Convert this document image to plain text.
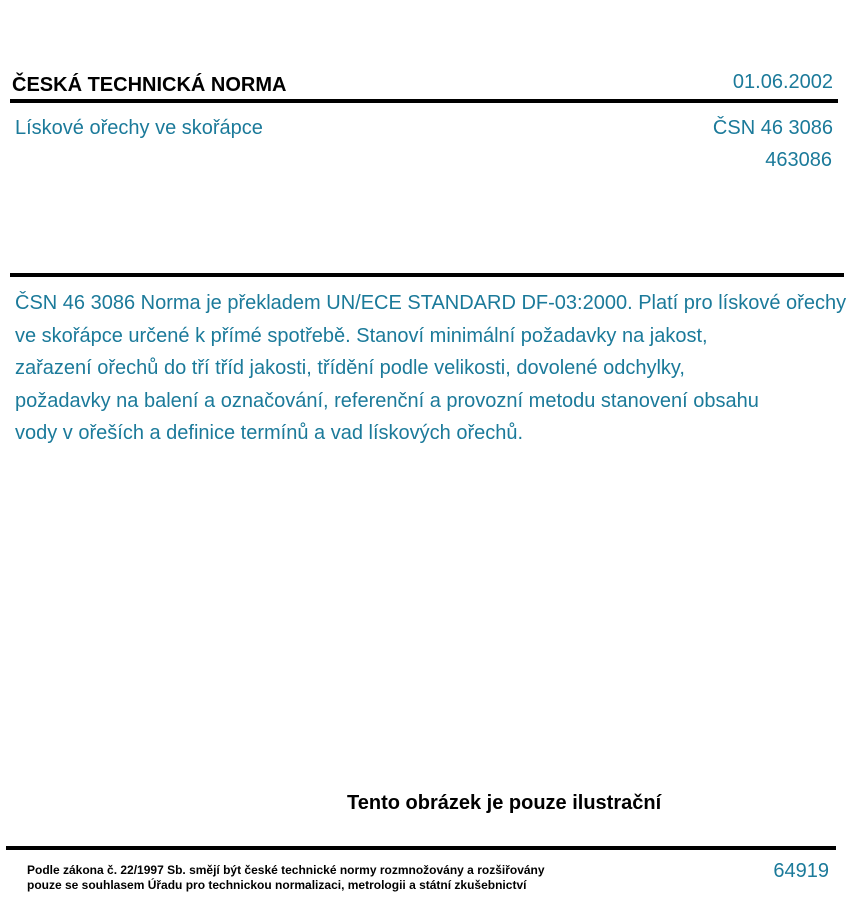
ČESKÁ TECHNICKÁ NORMA	01.06.2002
Lískové ořechy ve skořápce	ČSN 46 3086
463086
ČSN 46 3086 Norma je překladem UN/ECE STANDARD DF-03:2000. Platí pro lískové ořechy
ve skořápce určené k přímé spotřebě. Stanoví minimální požadavky na jakost,
zařazení ořechů do tří tříd jakosti, třídění podle velikosti, dovolené odchylky,
požadavky na balení a označování, referenční a provozní metodu stanovení obsahu
vody v ořeších a definice termínů a vad lískových ořechů.
Tento obrázek je pouze ilustrační
Podle zákona č. 22/1997 Sb. smějí být české technické normy rozmnožovány a rozšiřovány
pouze se souhlasem Úřadu pro technickou normalizaci, metrologii a státní zkušebnictví
64919
